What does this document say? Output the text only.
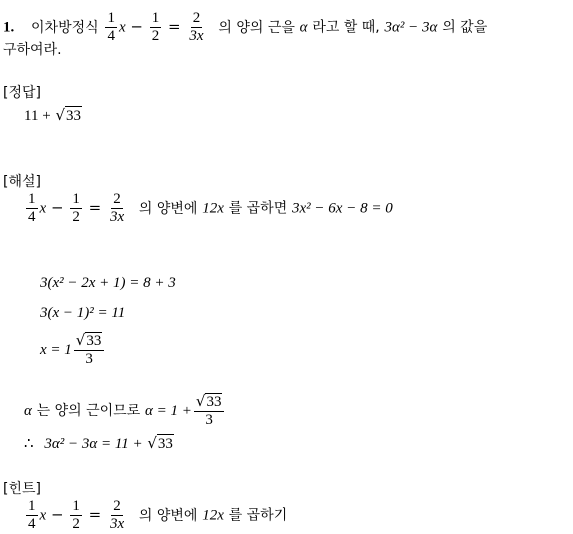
1. 이차방정식 $\frac{1}{4}$ $x - \frac{1}{2} = \frac{2}{3x}$ 의 양의 근을 α 라고 할 때, 3α² − 3α 의 값을
구하여라.
[정답]
11 + √ 33
[해설]
$\frac{1}{4}$ $x - \frac{1}{2} = \frac{2}{3x}$ 의 양변에 12x 를 곱하면 3x² − 6x − 8 = 0
3(x² − 2x + 1) = 8 + 3
3(x − 1)² = 11
$x = 1 \frac{√ 33}{3}$
α 는 양의 근이므로 $\alpha = 1 + \frac{√ 33}{3}$
∴ 3α² − 3α = 11 + √ 33
[힌트]
$\frac{1}{4}$ $x - \frac{1}{2} = \frac{2}{3x}$ 의 양변에 12x 를 곱하기
